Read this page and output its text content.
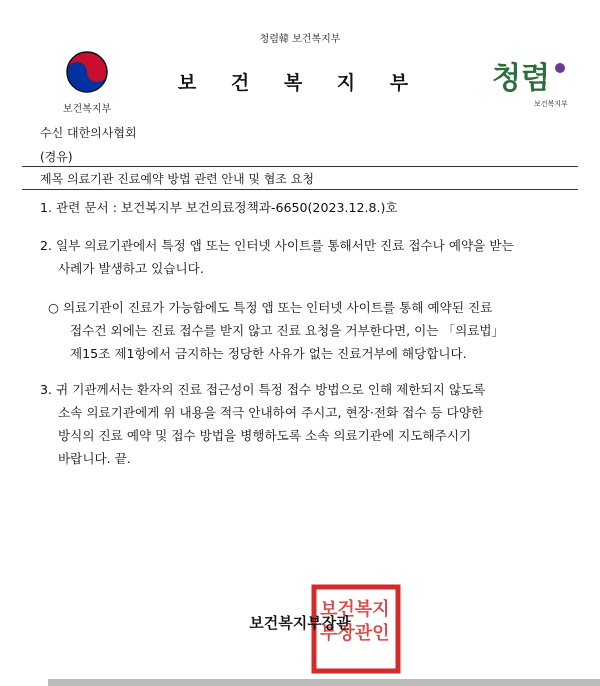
청렴韓 보건복지부
보건복지부
보 건 복 지 부	청렴
보건복지부
수신 대한의사협회
(경유)
제목 의료기관 진료예약 방법 관련 안내 및 협조 요청
1. 관련 문서 : 보건복지부 보건의료정책과-6650(2023.12.8.)호
2. 일부 의료기관에서 특정 앱 또는 인터넷 사이트를 통해서만 진료 접수나 예약을 받는
사례가 발생하고 있습니다.
○ 의료기관이 진료가 가능함에도 특정 앱 또는 인터넷 사이트를 통해 예약된 진료
접수건 외에는 진료 접수를 받지 않고 진료 요청을 거부한다면, 이는 「의료법」
제15조 제1항에서 금지하는 정당한 사유가 없는 진료거부에 해당합니다.
3. 귀 기관께서는 환자의 진료 접근성이 특정 접수 방법으로 인해 제한되지 않도록
소속 의료기관에게 위 내용을 적극 안내하여 주시고, 현장·전화 접수 등 다양한
방식의 진료 예약 및 접수 방법을 병행하도록 소속 의료기관에 지도해주시기
바랍니다. 끝.
보건복지 부장관인
보건복지부장관
